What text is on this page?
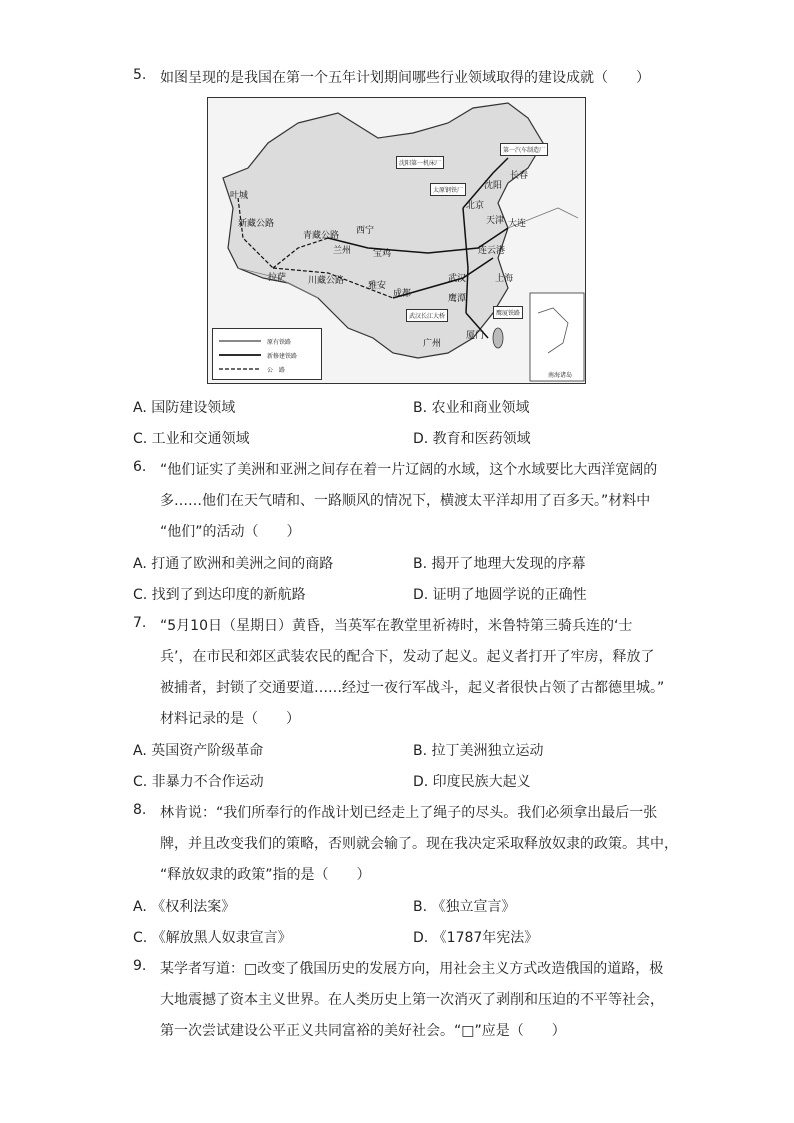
5. 如图呈现的是我国在第一个五年计划期间哪些行业领域取得的建设成就（　　）
叶城
西宁
兰州 宝鸡
北京
沈阳
长春
天津 大连
连云港
武汉	上海
鹰潭
厦门
广州
成都
雅安
拉萨
沈阳第一机床厂
第一汽车制造厂
太原钢铁厂
武汉长江大桥	鹰厦铁路
青藏公路
川藏公路
新藏公路
原有铁路
新修建铁路
公　路
南海诸岛
A. 国防建设领域	B. 农业和商业领域
C. 工业和交通领域	D. 教育和医药领域
6. “他们证实了美洲和亚洲之间存在着一片辽阔的水域，这个水域要比大西洋宽阔的
多……他们在天气晴和、一路顺风的情况下，横渡太平洋却用了百多天。”材料中
“他们”的活动（　　）
A. 打通了欧洲和美洲之间的商路	B. 揭开了地理大发现的序幕
C. 找到了到达印度的新航路	D. 证明了地圆学说的正确性
7. “5月10日（星期日）黄昏，当英军在教堂里祈祷时，米鲁特第三骑兵连的‘士
兵’，在市民和郊区武装农民的配合下，发动了起义。起义者打开了牢房，释放了
被捕者，封锁了交通要道……经过一夜行军战斗，起义者很快占领了古都德里城。”
材料记录的是（　　）
A. 英国资产阶级革命	B. 拉丁美洲独立运动
C. 非暴力不合作运动	D. 印度民族大起义
8. 林肯说：“我们所奉行的作战计划已经走上了绳子的尽头。我们必须拿出最后一张
牌，并且改变我们的策略，否则就会输了。现在我决定采取释放奴隶的政策。其中，
“释放奴隶的政策”指的是（　　）
A. 《权利法案》	B. 《独立宣言》
C. 《解放黑人奴隶宣言》	D. 《1787年宪法》
9. 某学者写道：□改变了俄国历史的发展方向，用社会主义方式改造俄国的道路，极
大地震撼了资本主义世界。在人类历史上第一次消灭了剥削和压迫的不平等社会，
第一次尝试建设公平正义共同富裕的美好社会。“□”应是（　　）
